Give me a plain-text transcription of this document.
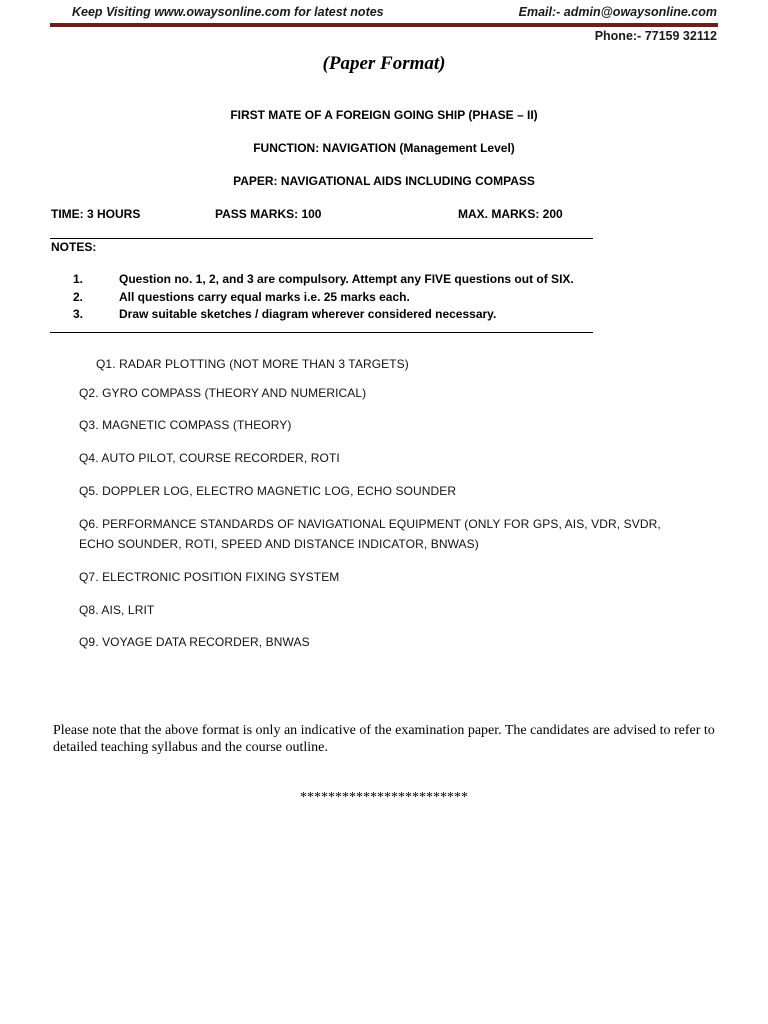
Keep Visiting www.owaysonline.com for latest notes	Email:- admin@owaysonline.com
Phone:- 77159 32112
(Paper Format)
FIRST MATE OF A FOREIGN GOING SHIP (PHASE – II)
FUNCTION: NAVIGATION (Management Level)
PAPER: NAVIGATIONAL AIDS INCLUDING COMPASS
TIME: 3 HOURS	PASS MARKS: 100	MAX. MARKS: 200
NOTES:
1.	Question no. 1, 2, and 3 are compulsory. Attempt any FIVE questions out of SIX.
2.	All questions carry equal marks i.e. 25 marks each.
3.	Draw suitable sketches / diagram wherever considered necessary.
Q1. RADAR PLOTTING (NOT MORE THAN 3 TARGETS)
Q2. GYRO COMPASS (THEORY AND NUMERICAL)
Q3. MAGNETIC COMPASS (THEORY)
Q4. AUTO PILOT, COURSE RECORDER, ROTI
Q5. DOPPLER LOG, ELECTRO MAGNETIC LOG, ECHO SOUNDER
Q6. PERFORMANCE STANDARDS OF NAVIGATIONAL EQUIPMENT (ONLY FOR GPS, AIS, VDR, SVDR, ECHO SOUNDER, ROTI, SPEED AND DISTANCE INDICATOR, BNWAS)
Q7. ELECTRONIC POSITION FIXING SYSTEM
Q8. AIS, LRIT
Q9. VOYAGE DATA RECORDER, BNWAS
Please note that the above format is only an indicative of the examination paper. The candidates are advised to refer to detailed teaching syllabus and the course outline.
************************
